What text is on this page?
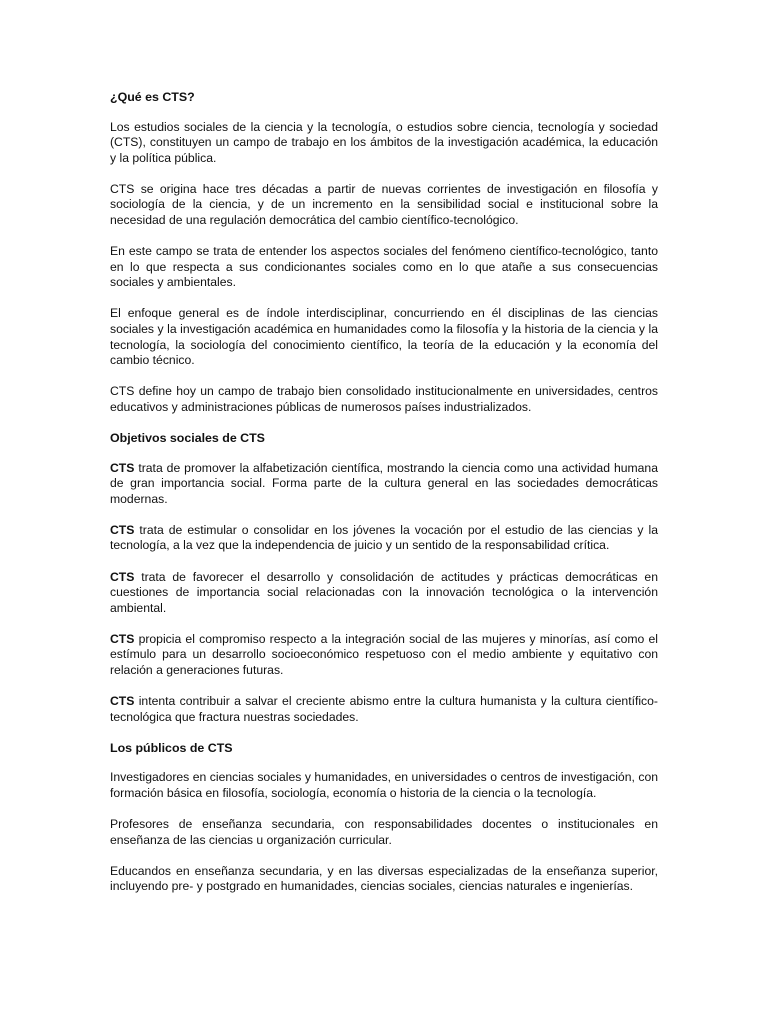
¿Qué es CTS?
Los estudios sociales de la ciencia y la tecnología, o estudios sobre ciencia, tecnología y sociedad (CTS), constituyen un campo de trabajo en los ámbitos de la investigación académica, la educación y la política pública.
CTS se origina hace tres décadas a partir de nuevas corrientes de investigación en filosofía y sociología de la ciencia, y de un incremento en la sensibilidad social e institucional sobre la necesidad de una regulación democrática del cambio científico-tecnológico.
En este campo se trata de entender los aspectos sociales del fenómeno científico-tecnológico, tanto en lo que respecta a sus condicionantes sociales como en lo que atañe a sus consecuencias sociales y ambientales.
El enfoque general es de índole interdisciplinar, concurriendo en él disciplinas de las ciencias sociales y la investigación académica en humanidades como la filosofía y la historia de la ciencia y la tecnología, la sociología del conocimiento científico, la teoría de la educación y la economía del cambio técnico.
CTS define hoy un campo de trabajo bien consolidado institucionalmente en universidades, centros educativos y administraciones públicas de numerosos países industrializados.
Objetivos sociales de CTS
CTS trata de promover la alfabetización científica, mostrando la ciencia como una actividad humana de gran importancia social. Forma parte de la cultura general en las sociedades democráticas modernas.
CTS trata de estimular o consolidar en los jóvenes la vocación por el estudio de las ciencias y la tecnología, a la vez que la independencia de juicio y un sentido de la responsabilidad crítica.
CTS trata de favorecer el desarrollo y consolidación de actitudes y prácticas democráticas en cuestiones de importancia social relacionadas con la innovación tecnológica o la intervención ambiental.
CTS propicia el compromiso respecto a la integración social de las mujeres y minorías, así como el estímulo para un desarrollo socioeconómico respetuoso con el medio ambiente y equitativo con relación a generaciones futuras.
CTS intenta contribuir a salvar el creciente abismo entre la cultura humanista y la cultura científico-tecnológica que fractura nuestras sociedades.
Los públicos de CTS
Investigadores en ciencias sociales y humanidades, en universidades o centros de investigación, con formación básica en filosofía, sociología, economía o historia de la ciencia o la tecnología.
Profesores de enseñanza secundaria, con responsabilidades docentes o institucionales en enseñanza de las ciencias u organización curricular.
Educandos en enseñanza secundaria, y en las diversas especializadas de la enseñanza superior, incluyendo pre- y postgrado en humanidades, ciencias sociales, ciencias naturales e ingenierías.
